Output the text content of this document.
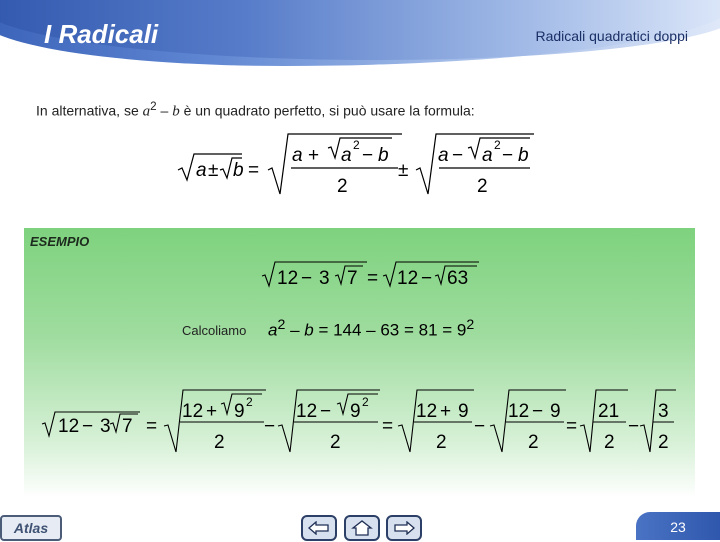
I Radicali	Radicali quadratici doppi
In alternativa, se $a^2$ – b è un quadrato perfetto, si può usare la formula:
a ± b =
a + a 2 − b
2
±
a − a 2 − b
2
ESEMPIO
12 − 3 7 = 12 − 63
Calcoliamo $a^2 - b = 144 - 63 = 81 = 9^2$
12 − 3 7 =
12 + 9 2
2
−
12 − 9 2
2
=
12 + 9
2
−
12 − 9
2
=
21
2
−
3
2
Atlas	23
